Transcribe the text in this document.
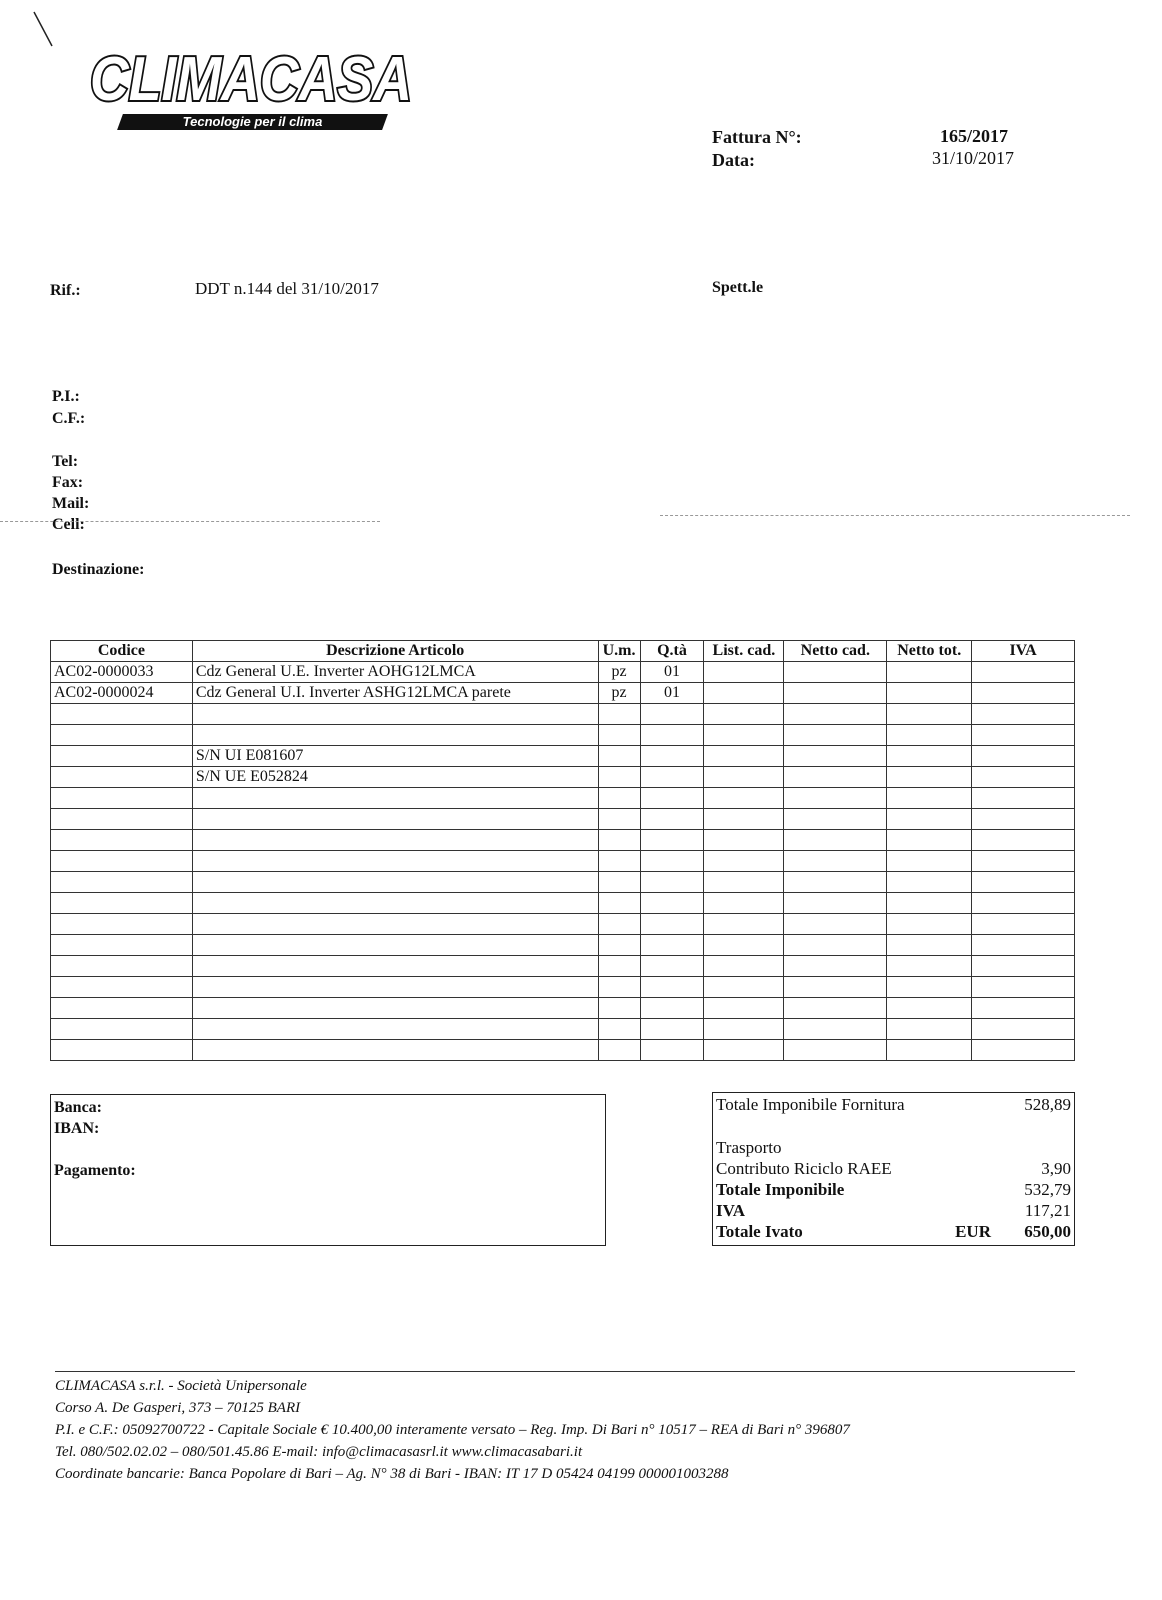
CLIMACASA
Tecnologie per il clima
Fattura N°:	165/2017
Data:	31/10/2017
Rif.:	DDT n.144 del 31/10/2017	Spett.le
P.I.:
C.F.:
Tel:
Fax:
Mail:
Cell:
Destinazione:
Codice	Descrizione Articolo	U.m.	Q.tà	List. cad.	Netto cad.	Netto tot.	IVA
AC02-0000033	Cdz General U.E. Inverter AOHG12LMCA	pz	01				
AC02-0000024	Cdz General U.I. Inverter ASHG12LMCA parete	pz	01				

	S/N UI E081607						
	S/N UE E052824						

Banca:
IBAN:
Pagamento:
Totale Imponibile Fornitura	528,89
Trasporto
Contributo Riciclo RAEE	3,90
Totale Imponibile	532,79
IVA	117,21
Totale Ivato	EUR 650,00
CLIMACASA s.r.l. - Società Unipersonale
Corso A. De Gasperi, 373 – 70125 BARI
P.I. e C.F.: 05092700722 - Capitale Sociale € 10.400,00 interamente versato – Reg. Imp. Di Bari n° 10517 – REA di Bari n° 396807
Tel. 080/502.02.02 – 080/501.45.86 E-mail: info@climacasasrl.it www.climacasabari.it
Coordinate bancarie: Banca Popolare di Bari – Ag. N° 38 di Bari - IBAN: IT 17 D 05424 04199 000001003288
